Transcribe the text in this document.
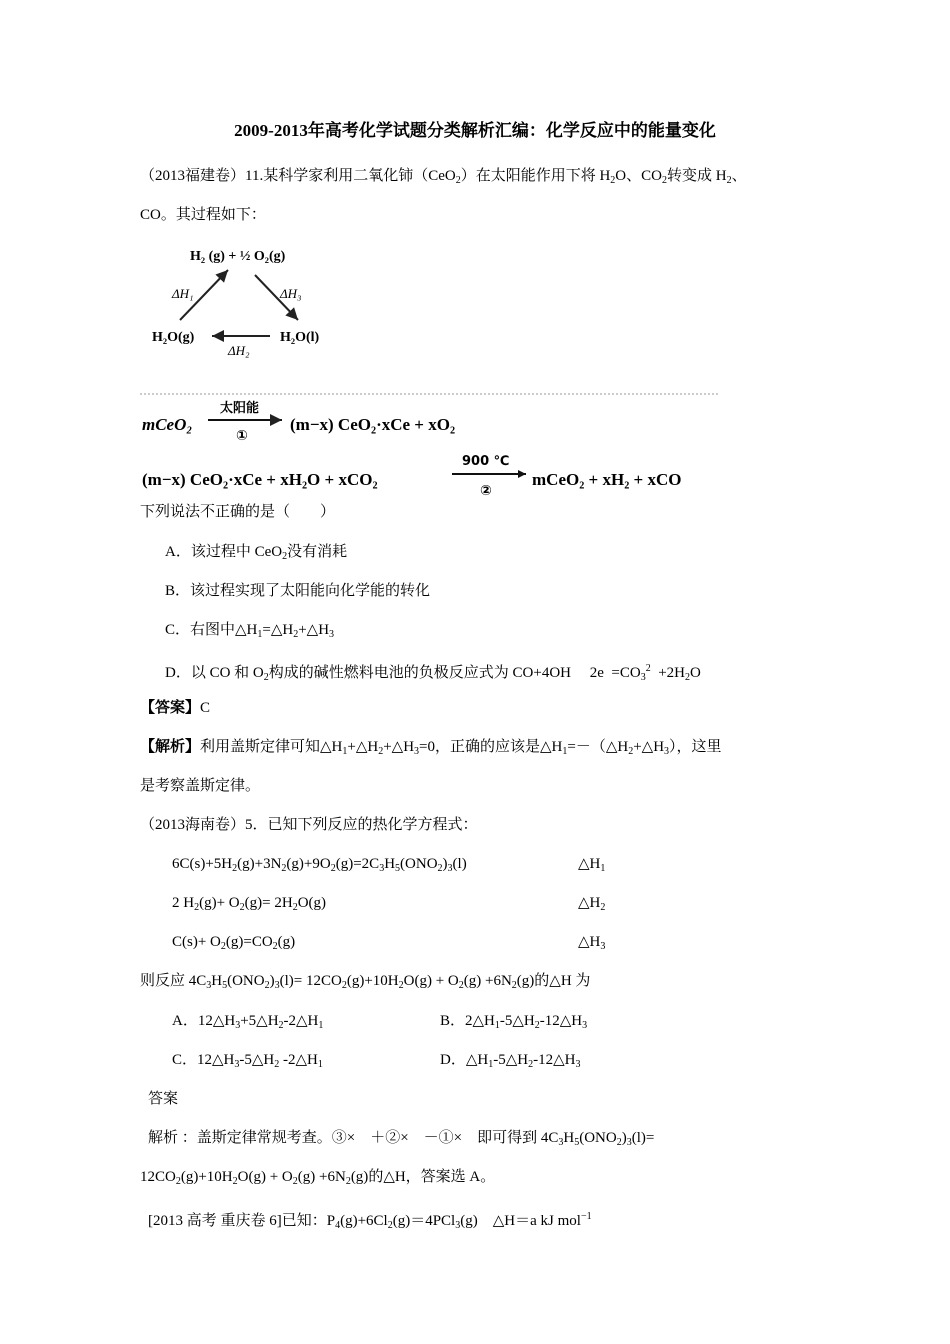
2009-2013年高考化学试题分类解析汇编：化学反应中的能量变化
（2013福建卷）11.某科学家利用二氧化铈（CeO$_2$）在太阳能作用下将 $H_2O$、$CO_2$转变成 $H_2$、
CO。其过程如下：
H₂ (g) + ½ O₂(g)
ΔH₁	ΔH₃
ΔH₂
H₂O(g)	H₂O(l)
mCeO₂
太阳能
①
(m−x) CeO₂·xCe + xO₂
(m−x) CeO₂·xCe + xH₂O + xCO₂
900 ℃
②
mCeO₂ + xH₂ + xCO
下列说法不正确的是（　　）
A．该过程中 CeO$_2$没有消耗
B．该过程实现了太阳能向化学能的转化
C．右图中$\triangle H_1=\triangle H_2+\triangle H_3$
D．以 CO 和 $O_2$构成的碱性燃料电池的负极反应式为 CO+4OH $2e =CO_3^2 +2H_2O$
【答案】C
【解析】利用盖斯定律可知$\triangle H_1+\triangle H_2+\triangle H_3=0$，正确的应该是$\triangle H_1=-(\triangle H_2+\triangle H_3)$，这里
是考察盖斯定律。
（2013海南卷）5．已知下列反应的热化学方程式：
$6C(s)+5H_2(g)+3N_2(g)+9O_2(g)=2C_3H_5(ONO_2)_3(l)$	$\triangle H_1$
2 $H_2(g)+ O_2(g)= 2H_2O(g)$	$\triangle H_2$
$C(s)+ O_2(g)=CO_2(g)$	$\triangle H_3$
则反应 $4C_3H_5(ONO_2)_3(l)= 12CO_2(g)+10H_2O(g) + O_2(g) +6N_2(g)$的△H 为
A．$12\triangle H_3+5\triangle H_2-2\triangle H_1$	B．$2\triangle H_1-5\triangle H_2-12\triangle H_3$
C．$12\triangle H_3-5\triangle H_2$ $-2\triangle H_1$	D．$\triangle H_1-5\triangle H_2-12\triangle H_3$
答案
解析 ：盖斯定律常规考查。③×　＋②×　－①×　即可得到 $4C_3H_5(ONO_2)_3(l)=$
$12CO_2(g)+10H_2O(g) + O_2(g) +6N_2(g)$的△H，答案选 A。
[2013 高考 重庆卷 6]已知：$P_4(g)+6Cl_2(g)=4PCl_3(g)$　△H＝a kJ mol$^{-1}$
